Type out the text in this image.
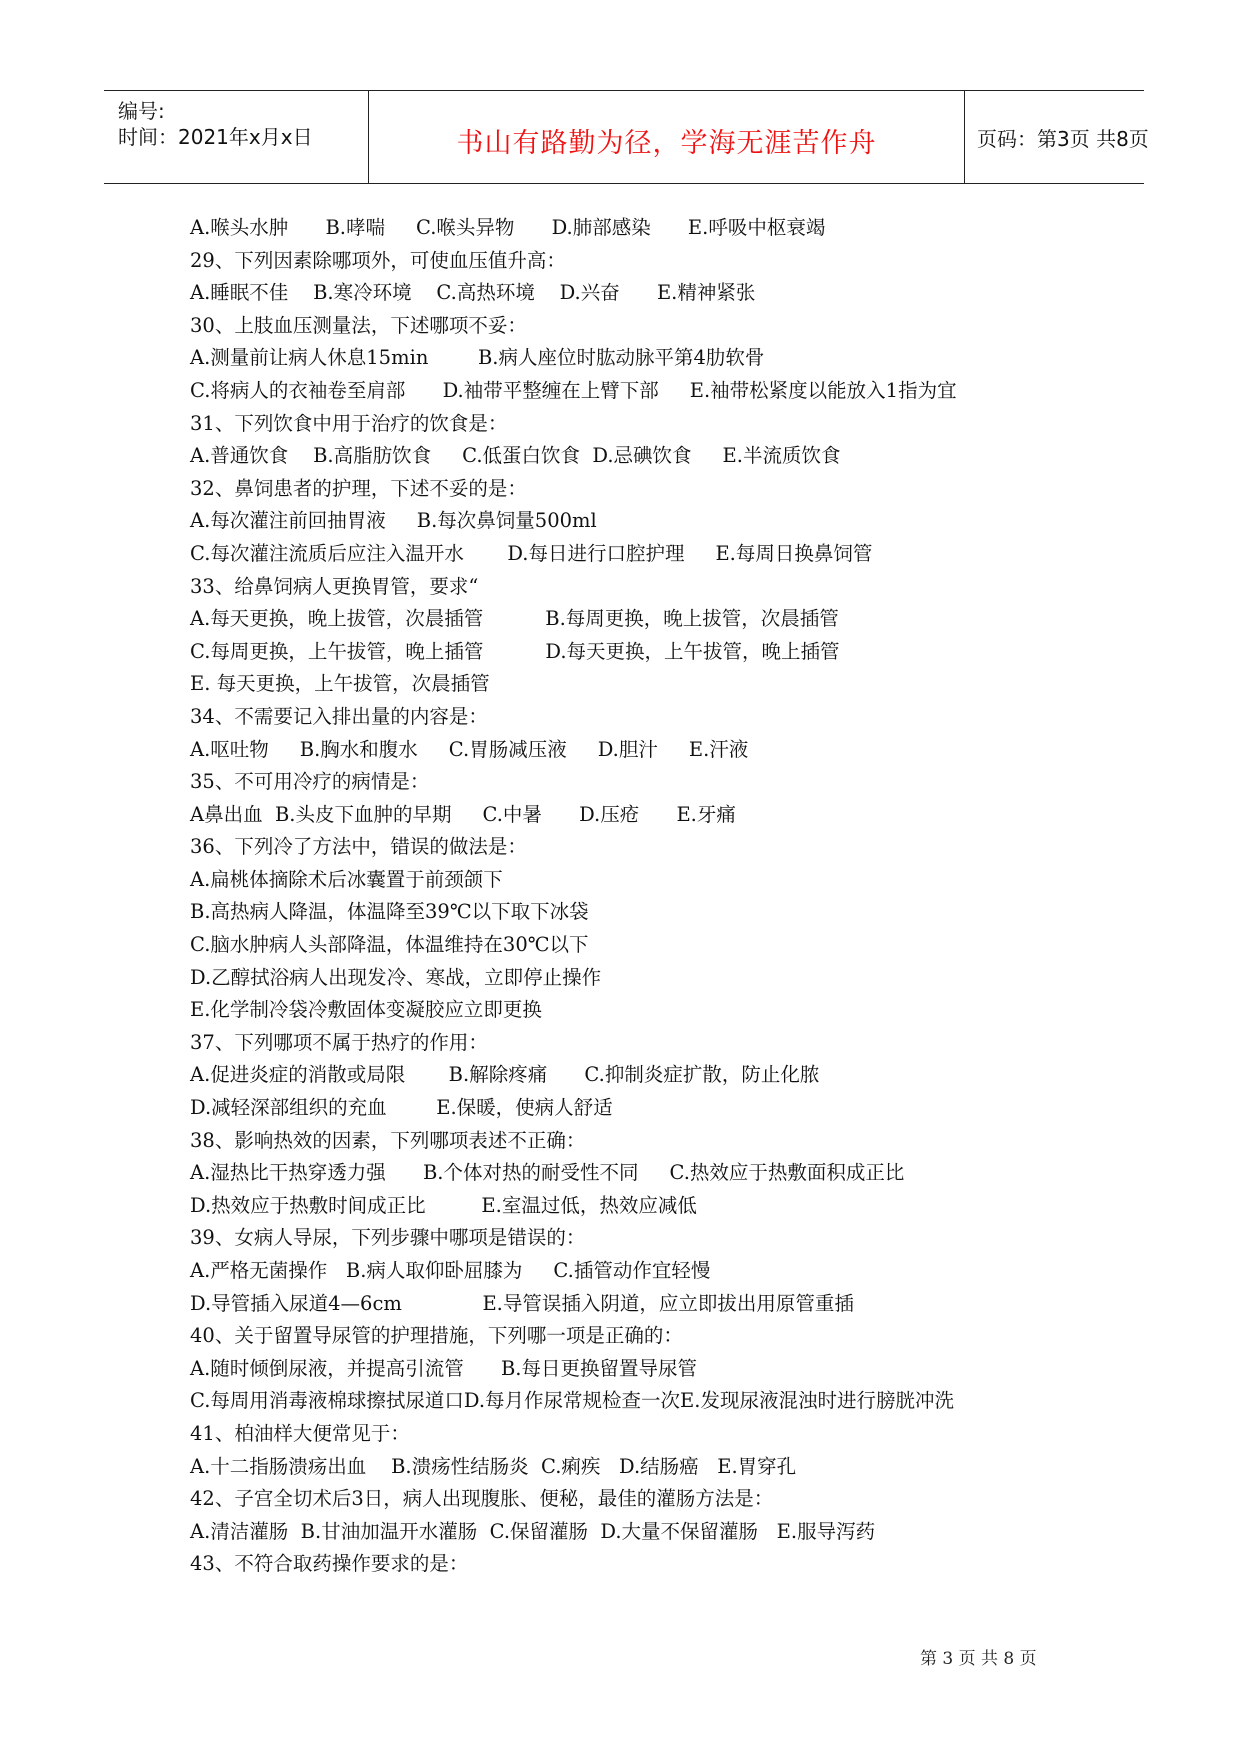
编号:
时间：2021年x月x日	书山有路勤为径，学海无涯苦作舟	页码：第3页 共8页
A.喉头水肿      B.哮喘     C.喉头异物      D.肺部感染      E.呼吸中枢衰竭
29、下列因素除哪项外，可使血压值升高：
A.睡眠不佳    B.寒冷环境    C.高热环境    D.兴奋      E.精神紧张
30、上肢血压测量法，下述哪项不妥：
A.测量前让病人休息15min        B.病人座位时肱动脉平第4肋软骨
C.将病人的衣袖卷至肩部      D.袖带平整缠在上臂下部     E.袖带松紧度以能放入1指为宜
31、下列饮食中用于治疗的饮食是：
A.普通饮食    B.高脂肪饮食     C.低蛋白饮食  D.忌碘饮食     E.半流质饮食
32、鼻饲患者的护理，下述不妥的是：
A.每次灌注前回抽胃液     B.每次鼻饲量500ml
C.每次灌注流质后应注入温开水       D.每日进行口腔护理     E.每周日换鼻饲管
33、给鼻饲病人更换胃管，要求“
A.每天更换，晚上拔管，次晨插管          B.每周更换，晚上拔管，次晨插管
C.每周更换，上午拔管，晚上插管          D.每天更换，上午拔管，晚上插管
E. 每天更换，上午拔管，次晨插管
34、不需要记入排出量的内容是：
A.呕吐物     B.胸水和腹水     C.胃肠减压液     D.胆汁     E.汗液
35、不可用冷疗的病情是：
A鼻出血  B.头皮下血肿的早期     C.中暑      D.压疮      E.牙痛
36、下列冷了方法中，错误的做法是：
A.扁桃体摘除术后冰囊置于前颈颌下
B.高热病人降温，体温降至39℃以下取下冰袋
C.脑水肿病人头部降温，体温维持在30℃以下
D.乙醇拭浴病人出现发冷、寒战，立即停止操作
E.化学制冷袋冷敷固体变凝胶应立即更换
37、下列哪项不属于热疗的作用：
A.促进炎症的消散或局限       B.解除疼痛      C.抑制炎症扩散，防止化脓
D.减轻深部组织的充血        E.保暖，使病人舒适
38、影响热效的因素，下列哪项表述不正确：
A.湿热比干热穿透力强      B.个体对热的耐受性不同     C.热效应于热敷面积成正比
D.热效应于热敷时间成正比         E.室温过低，热效应减低
39、女病人导尿，下列步骤中哪项是错误的：
A.严格无菌操作   B.病人取仰卧屈膝为     C.插管动作宜轻慢
D.导管插入尿道4—6cm             E.导管误插入阴道，应立即拔出用原管重插
40、关于留置导尿管的护理措施，下列哪一项是正确的：
A.随时倾倒尿液，并提高引流管      B.每日更换留置导尿管
C.每周用消毒液棉球擦拭尿道口D.每月作尿常规检查一次E.发现尿液混浊时进行膀胱冲洗
41、柏油样大便常见于：
A.十二指肠溃疡出血    B.溃疡性结肠炎  C.痢疾   D.结肠癌   E.胃穿孔
42、子宫全切术后3日，病人出现腹胀、便秘，最佳的灌肠方法是：
A.清洁灌肠  B.甘油加温开水灌肠  C.保留灌肠  D.大量不保留灌肠   E.服导泻药
43、不符合取药操作要求的是：
第 3 页 共 8 页
